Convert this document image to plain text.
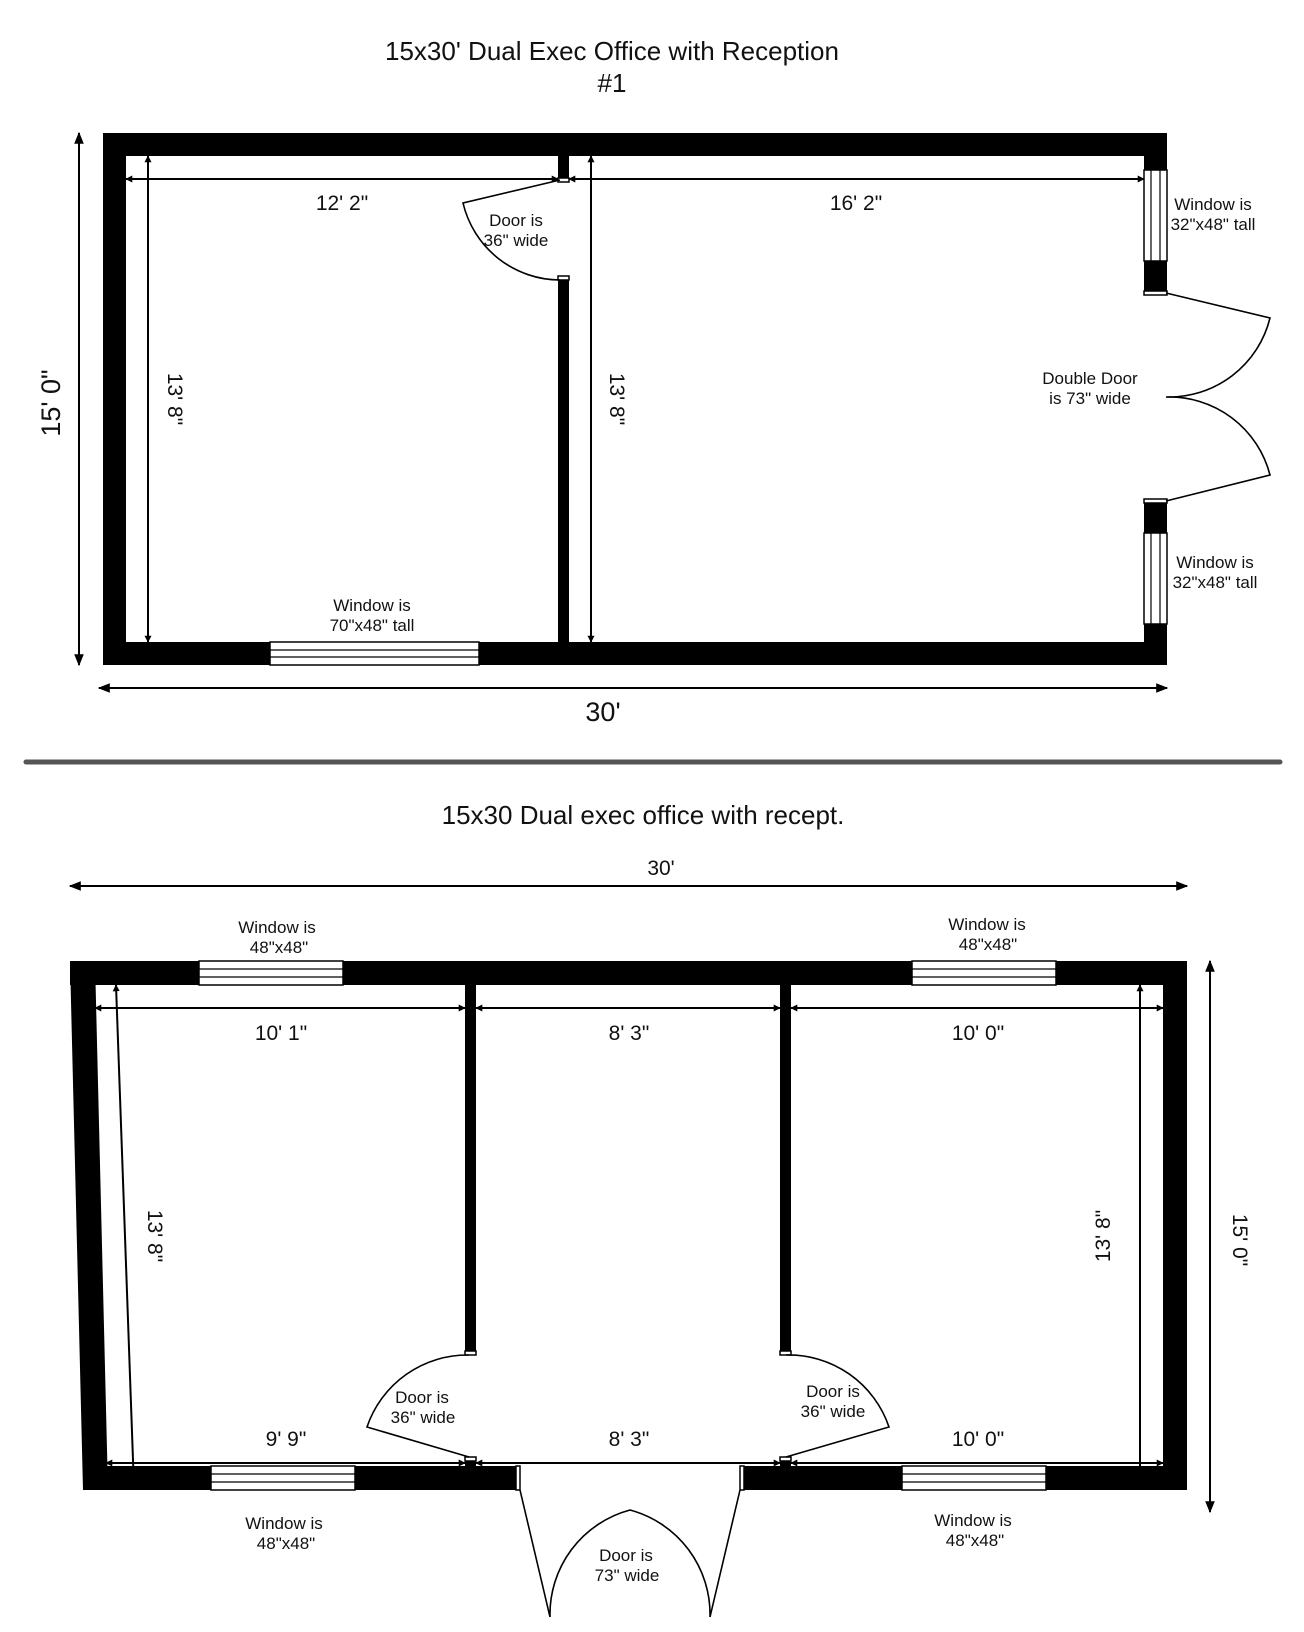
15x30' Dual Exec Office with Reception
#1
15' 0"
30'
12' 2"	16' 2"
13' 8"	13' 8"
Door is
36" wide
Window is
32"x48" tall
Double Door
is 73" wide
Window is
32"x48" tall
Window is
70"x48" tall
15x30 Dual exec office with recept.
30'
15' 0"
10' 1"	8' 3"	10' 0"
9' 9"	8' 3"	10' 0"
13' 8"	13' 8"
Window is
48"x48"
Window is
48"x48"
Door is
36" wide
Door is
36" wide
Window is
48"x48"
Window is
48"x48"
Door is
73" wide
